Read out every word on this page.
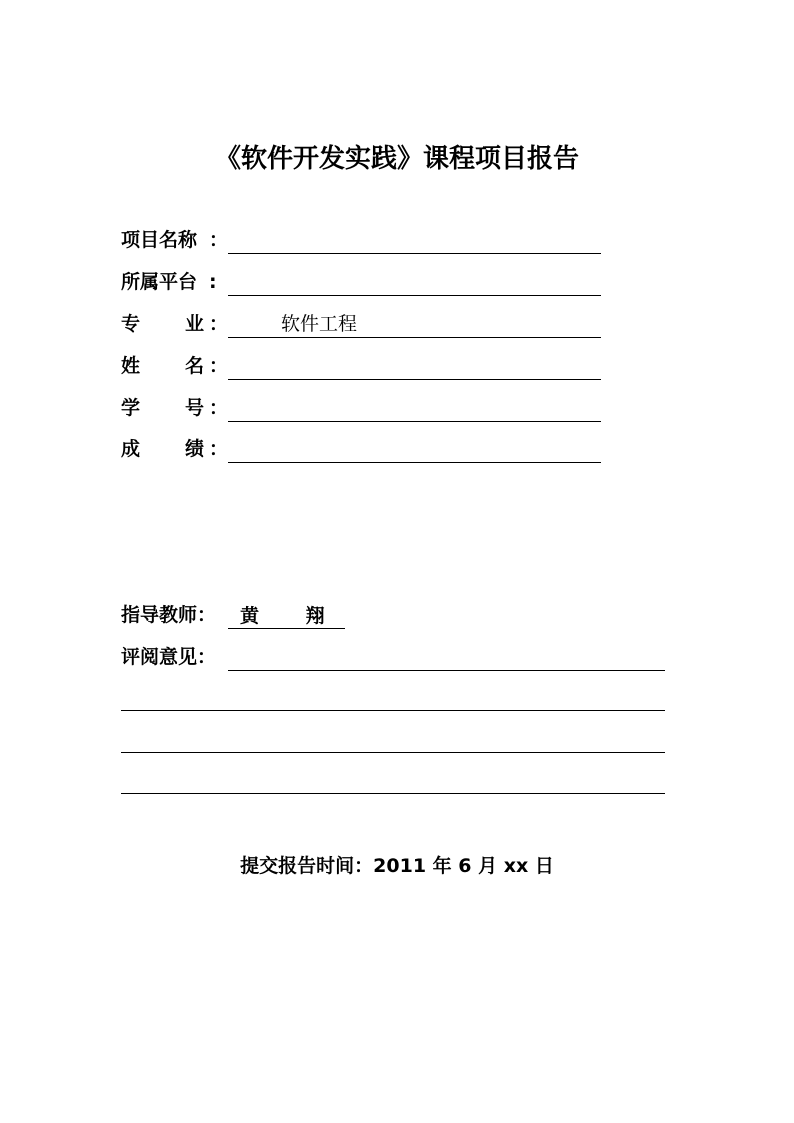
《软件开发实践》课程项目报告
项目名称 ：
所属平台 :
专 业 ：	软件工程
姓 名 ：
学 号 ：
成 绩 ：
指导教师： 黄 翔
评阅意见：
提交报告时间：2011 年 6 月 xx 日
